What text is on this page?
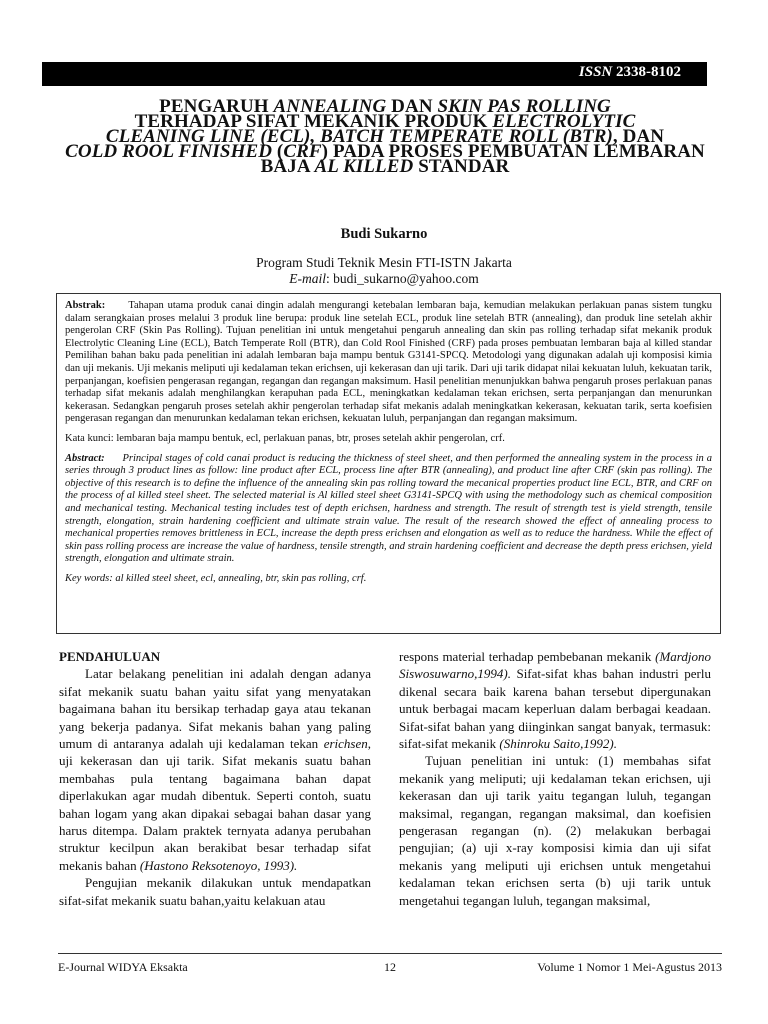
ISSN 2338-8102
PENGARUH ANNEALING DAN SKIN PAS ROLLING
TERHADAP SIFAT MEKANIK PRODUK ELECTROLYTIC
CLEANING LINE (ECL), BATCH TEMPERATE ROLL (BTR), DAN
COLD ROOL FINISHED (CRF) PADA PROSES PEMBUATAN LEMBARAN
BAJA AL KILLED STANDAR
Budi Sukarno
Program Studi Teknik Mesin FTI-ISTN Jakarta
E-mail: budi_sukarno@yahoo.com

Abstrak: Tahapan utama produk canai dingin adalah mengurangi ketebalan lembaran baja, kemudian melakukan perlakuan panas sistem tungku dalam serangkaian proses melalui 3 produk line berupa: produk line setelah ECL, produk line setelah BTR (annealing), dan produk line setelah akhir pengerolan CRF (Skin Pas Rolling). Tujuan penelitian ini untuk mengetahui pengaruh annealing dan skin pas rolling terhadap sifat mekanik produk Electrolytic Cleaning Line (ECL), Batch Temperate Roll (BTR), dan Cold Rool Finished (CRF) pada proses pembuatan lembaran baja al killed standar Pemilihan bahan baku pada penelitian ini adalah lembaran baja mampu bentuk G3141-SPCQ. Metodologi yang digunakan adalah uji komposisi kimia dan uji mekanis. Uji mekanis meliputi uji kedalaman tekan erichsen, uji kekerasan dan uji tarik. Dari uji tarik didapat nilai kekuatan luluh, kekuatan tarik, perpanjangan, koefisien pengerasan regangan, regangan dan regangan maksimum. Hasil penelitian menunjukkan bahwa pengaruh proses perlakuan panas terhadap sifat mekanis adalah menghilangkan kerapuhan pada ECL, meningkatkan kedalaman tekan erichsen, serta perpanjangan dan menurunkan kekerasan. Sedangkan pengaruh proses setelah akhir pengerolan terhadap sifat mekanis adalah meningkatkan kekerasan, kekuatan tarik, serta koefisien pengerasan regangan dan menurunkan kedalaman tekan erichsen, kekuatan luluh, perpanjangan dan regangan maksimum.

Kata kunci: lembaran baja mampu bentuk, ecl, perlakuan panas, btr, proses setelah akhir pengerolan, crf.

Abstract: Principal stages of cold canai product is reducing the thickness of steel sheet, and then performed the annealing system in the process in a series through 3 product lines as follow: line product after ECL, process line after BTR (annealing), and product line after CRF (skin pas rolling). The objective of this research is to define the influence of the annealing skin pas rolling toward the mecanical properties product line ECL, BTR, and CRF on the process of al killed steel sheet. The selected material is Al killed steel sheet G3141-SPCQ with using the methodology such as chemical composition and mechanical testing. Mechanical testing includes test of depth erichsen, hardness and strength. The result of strength test is yield strength, tensile strength, elongation, strain hardening coefficient and ultimate strain value. The result of the research showed the effect of annealing process to mechanical properties removes brittleness in ECL, increase the depth press erichsen and elongation as well as to reduce the hardness. While the effect of skin pass rolling process are increase the value of hardness, tensile strength, and strain hardening coefficient and decrease the depth press erichsen, yield strength, elongation and ultimate strain.

Key words: al killed steel sheet, ecl, annealing, btr, skin pas rolling, crf.

PENDAHULUAN

Latar belakang penelitian ini adalah dengan adanya sifat mekanik suatu bahan yaitu sifat yang menyatakan bagaimana bahan itu bersikap terhadap gaya atau tekanan yang bekerja padanya. Sifat mekanis bahan yang paling umum di antaranya adalah uji kedalaman tekan erichsen, uji kekerasan dan uji tarik. Sifat mekanis suatu bahan membahas pula tentang bagaimana bahan dapat diperlakukan agar mudah dibentuk. Seperti contoh, suatu bahan logam yang akan dipakai sebagai bahan dasar yang harus ditempa. Dalam praktek ternyata adanya perubahan struktur kecilpun akan berakibat besar terhadap sifat mekanis bahan (Hastono Reksotenoyo, 1993).

Pengujian mekanik dilakukan untuk mendapatkan sifat-sifat mekanik suatu bahan,yaitu kelakuan atau

respons material terhadap pembebanan mekanik (Mardjono Siswosuwarno,1994). Sifat-sifat khas bahan industri perlu dikenal secara baik karena bahan tersebut dipergunakan untuk berbagai macam keperluan dalam berbagai keadaan. Sifat-sifat bahan yang diinginkan sangat banyak, termasuk: sifat-sifat mekanik (Shinroku Saito,1992).

Tujuan penelitian ini untuk: (1) membahas sifat mekanik yang meliputi; uji kedalaman tekan erichsen, uji kekerasan dan uji tarik yaitu tegangan luluh, tegangan maksimal, regangan, regangan maksimal, dan koefisien pengerasan regangan (n). (2) melakukan berbagai pengujian; (a) uji x-ray komposisi kimia dan uji sifat mekanis yang meliputi uji erichsen untuk mengetahui kedalaman tekan erichsen serta (b) uji tarik untuk mengetahui tegangan luluh, tegangan maksimal,

E-Journal WIDYA Eksakta	12	Volume 1 Nomor 1 Mei-Agustus 2013
